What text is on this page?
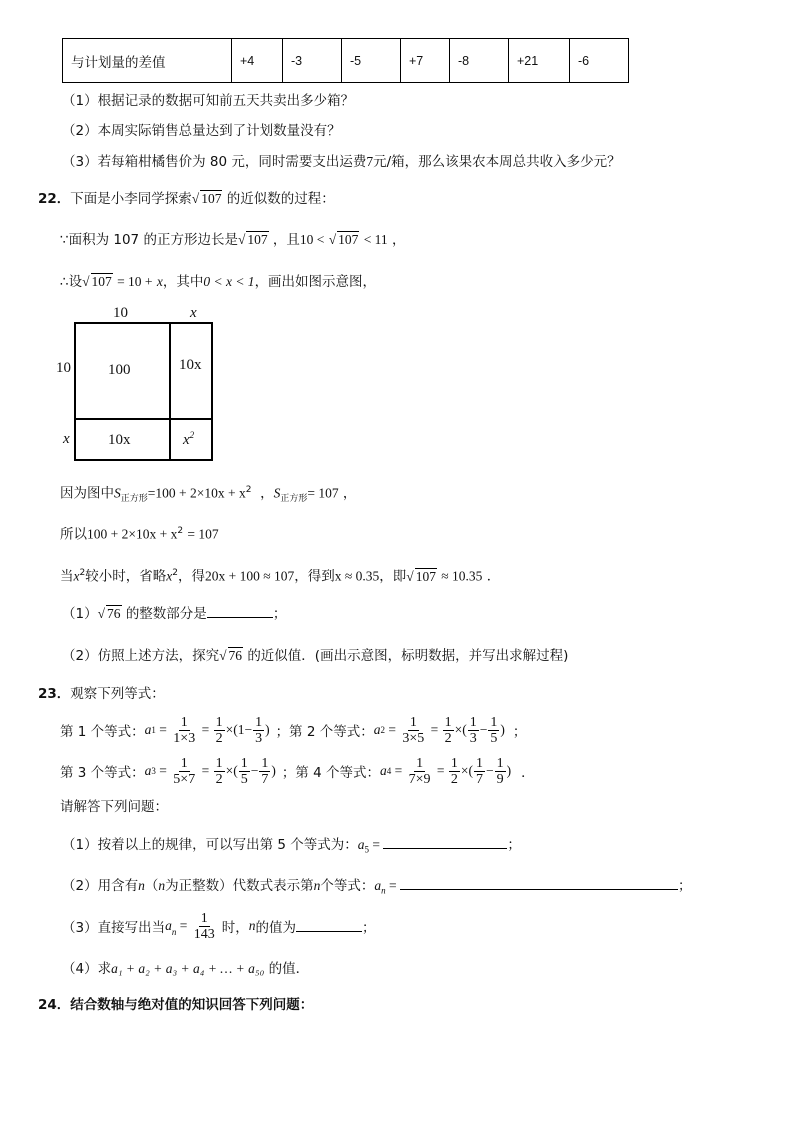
与计划量的差值	+4	-3	-5	+7	-8	+21	-6
（1）根据记录的数据可知前五天共卖出多少箱？
（2）本周实际销售总量达到了计划数量没有？
（3）若每箱柑橘售价为 80 元，同时需要支出运费7元/箱，那么该果农本周总共收入多少元？
22．下面是小李同学探索√ 107 的近似数的过程：
∵面积为 107 的正方形边长是√ 107 ，且10 < √ 107 < 11 ，
∴设√ 107 = 10 + x，其中0 < x < 1，画出如图示意图，
10	x
10
x
100	10x
10x	$x^2$
因为图中$S_{正方形}=100 + 2\times 10x + x^2$ ，$S_{正方形}= 107$ ，
所以$100 + 2\times 10x + x^2 = 107$
当$x^2$较小时，省略$x^2$，得20x + 100 ≈ 107，得到x ≈ 0.35，即√ 107 ≈ 10.35 ．
（1）√ 76 的整数部分是	；
（2）仿照上述方法，探究√ 76 的近似值．(画出示意图，标明数据，并写出求解过程)
23．观察下列等式：
第 1 个等式： a $1 = \frac{1}{1\times 3} = \frac{1}{2} \times(1- \frac{1}{3}$ ) ；第 2 个等式： a $2 = \frac{1}{3\times 5} = \frac{1}{2}$ ×( $\frac{1}{3} - \frac{1}{5}$ ) ；
第 3 个等式： a $3 = \frac{1}{5\times 7} = \frac{1}{2}$ ×( $\frac{1}{5} - \frac{1}{7}$ ) ；第 4 个等式： a $4 = \frac{1}{7\times 9} = \frac{1}{2}$ ×( $\frac{1}{7} - \frac{1}{9}$ ) ．
请解答下列问题：
（1）按着以上的规律，可以写出第 5 个等式为：$a_5$ =	；
（2）用含有n（n为正整数）代数式表示第n个等式：$a_n$ =	；
（3）直接写出当 $a_n = \frac{1}{143}$ 时， n 的值为	；
（4）求a₁ + a₂ + a₃ + a₄ + … + a₅₀ 的值．
24．结合数轴与绝对值的知识回答下列问题：
